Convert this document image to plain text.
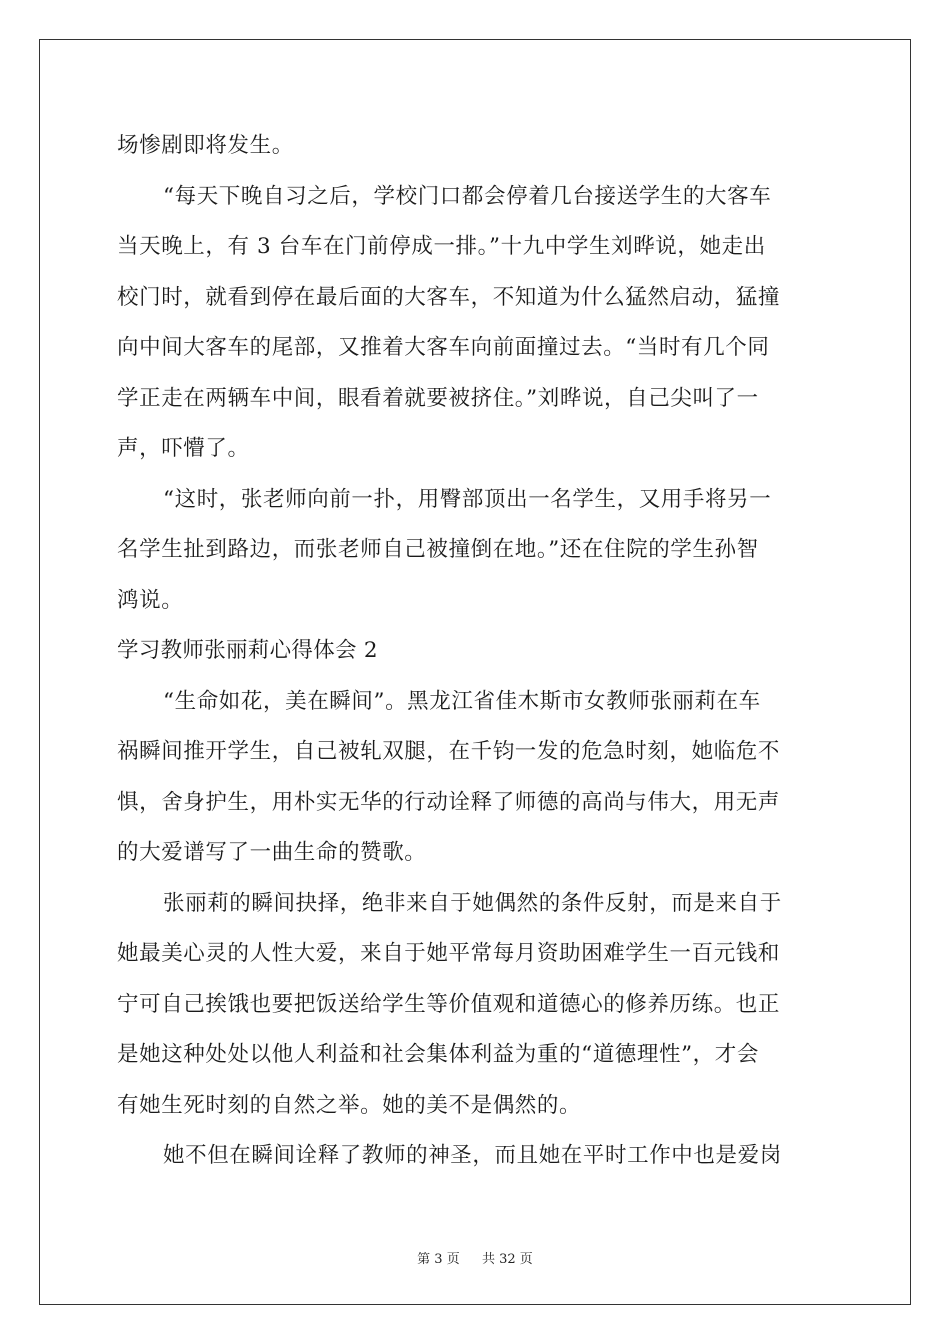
场惨剧即将发生。
“每天下晚自习之后，学校门口都会停着几台接送学生的大客车
当天晚上，有 3 台车在门前停成一排。”十九中学生刘晔说，她走出
校门时，就看到停在最后面的大客车，不知道为什么猛然启动，猛撞
向中间大客车的尾部，又推着大客车向前面撞过去。“当时有几个同
学正走在两辆车中间，眼看着就要被挤住。”刘晔说，自己尖叫了一
声，吓懵了。
“这时，张老师向前一扑，用臀部顶出一名学生，又用手将另一
名学生扯到路边，而张老师自己被撞倒在地。”还在住院的学生孙智
鸿说。
学习教师张丽莉心得体会 2
“生命如花，美在瞬间”。黑龙江省佳木斯市女教师张丽莉在车
祸瞬间推开学生，自己被轧双腿，在千钧一发的危急时刻，她临危不
惧，舍身护生，用朴实无华的行动诠释了师德的高尚与伟大，用无声
的大爱谱写了一曲生命的赞歌。
张丽莉的瞬间抉择，绝非来自于她偶然的条件反射，而是来自于
她最美心灵的人性大爱，来自于她平常每月资助困难学生一百元钱和
宁可自己挨饿也要把饭送给学生等价值观和道德心的修养历练。也正
是她这种处处以他人利益和社会集体利益为重的“道德理性”，才会
有她生死时刻的自然之举。她的美不是偶然的。
她不但在瞬间诠释了教师的神圣，而且她在平时工作中也是爱岗
第 3 页 共 32 页
